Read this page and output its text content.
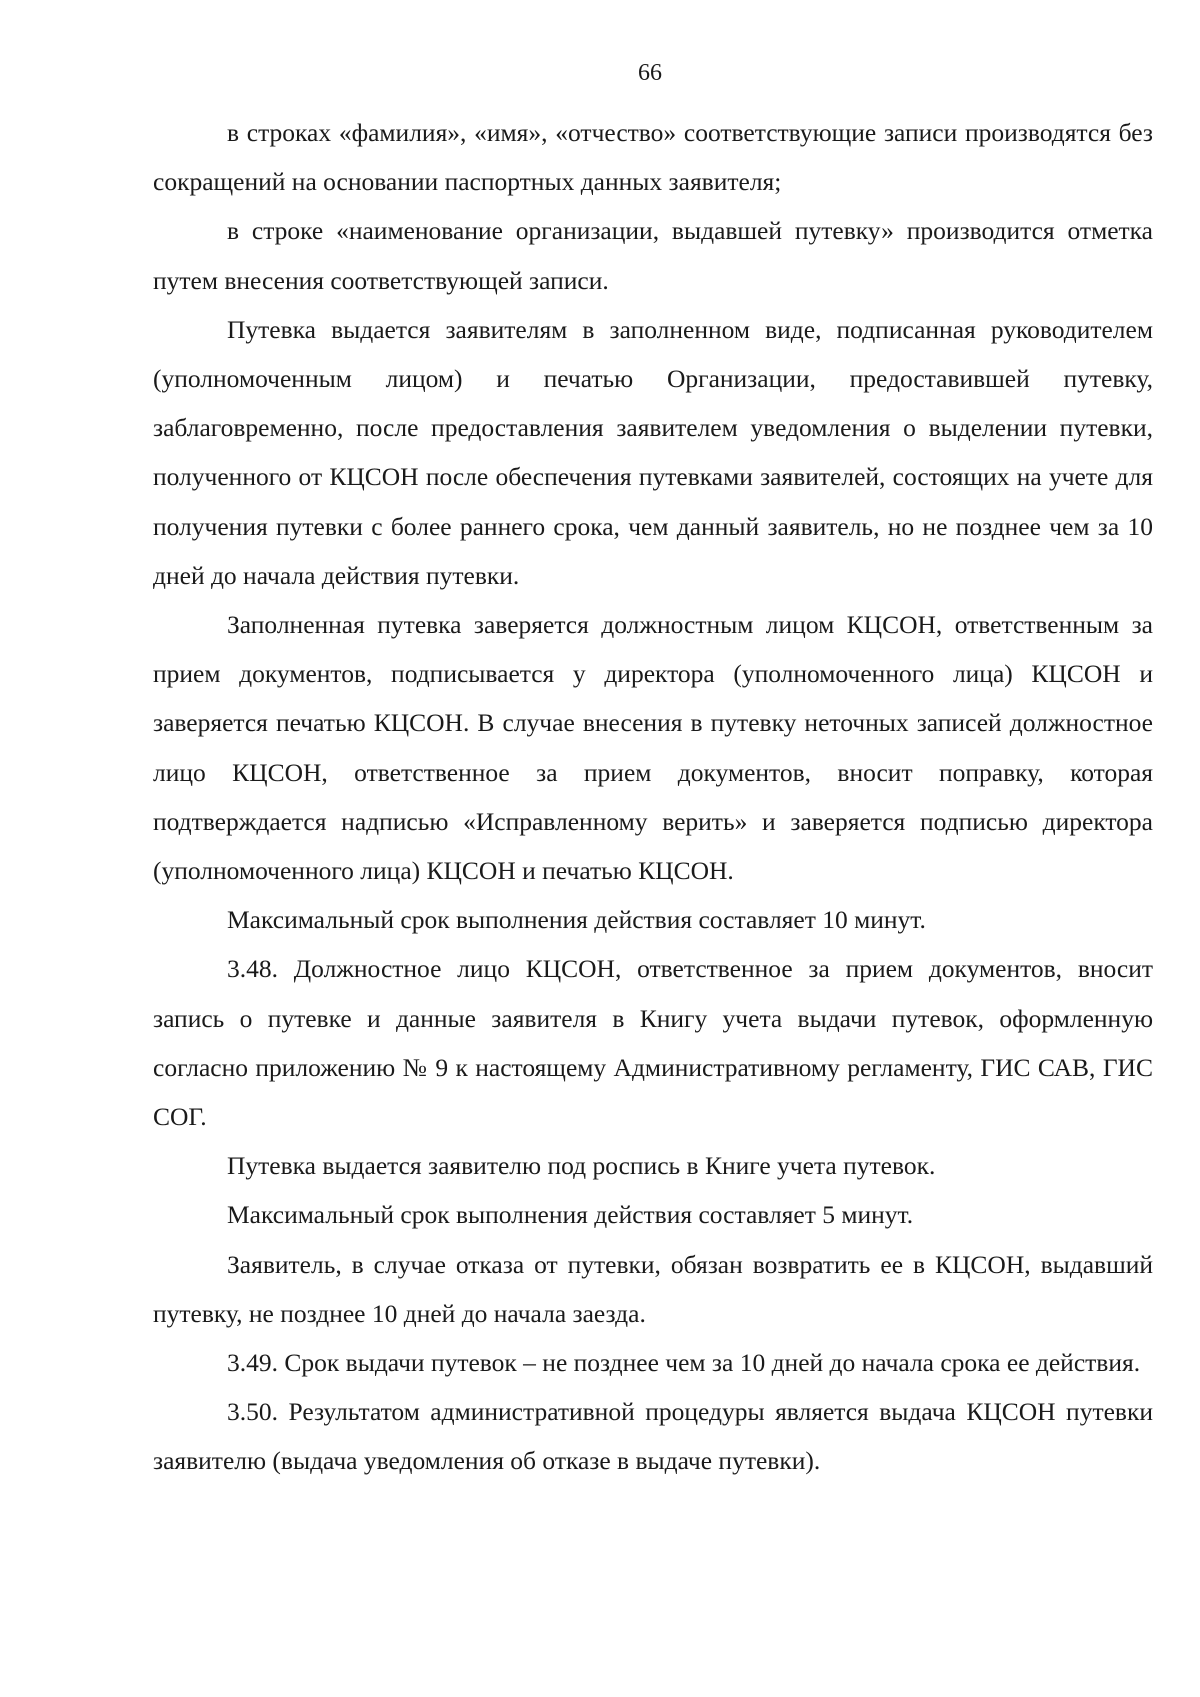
66

в строках «фамилия», «имя», «отчество» соответствующие записи производятся без сокращений на основании паспортных данных заявителя;

в строке «наименование организации, выдавшей путевку» производится отметка путем внесения соответствующей записи.

Путевка выдается заявителям в заполненном виде, подписанная руководителем (уполномоченным лицом) и печатью Организации, предоставившей путевку, заблаговременно, после предоставления заявителем уведомления о выделении путевки, полученного от КЦСОН после обеспечения путевками заявителей, состоящих на учете для получения путевки с более раннего срока, чем данный заявитель, но не позднее чем за 10 дней до начала действия путевки.

Заполненная путевка заверяется должностным лицом КЦСОН, ответственным за прием документов, подписывается у директора (уполномоченного лица) КЦСОН и заверяется печатью КЦСОН. В случае внесения в путевку неточных записей должностное лицо КЦСОН, ответственное за прием документов, вносит поправку, которая подтверждается надписью «Исправленному верить» и заверяется подписью директора (уполномоченного лица) КЦСОН и печатью КЦСОН.

Максимальный срок выполнения действия составляет 10 минут.

3.48. Должностное лицо КЦСОН, ответственное за прием документов, вносит запись о путевке и данные заявителя в Книгу учета выдачи путевок, оформленную согласно приложению № 9 к настоящему Административному регламенту, ГИС САВ, ГИС СОГ.

Путевка выдается заявителю под роспись в Книге учета путевок.

Максимальный срок выполнения действия составляет 5 минут.

Заявитель, в случае отказа от путевки, обязан возвратить ее в КЦСОН, выдавший путевку, не позднее 10 дней до начала заезда.

3.49. Срок выдачи путевок – не позднее чем за 10 дней до начала срока ее действия.

3.50. Результатом административной процедуры является выдача КЦСОН путевки заявителю (выдача уведомления об отказе в выдаче путевки).
